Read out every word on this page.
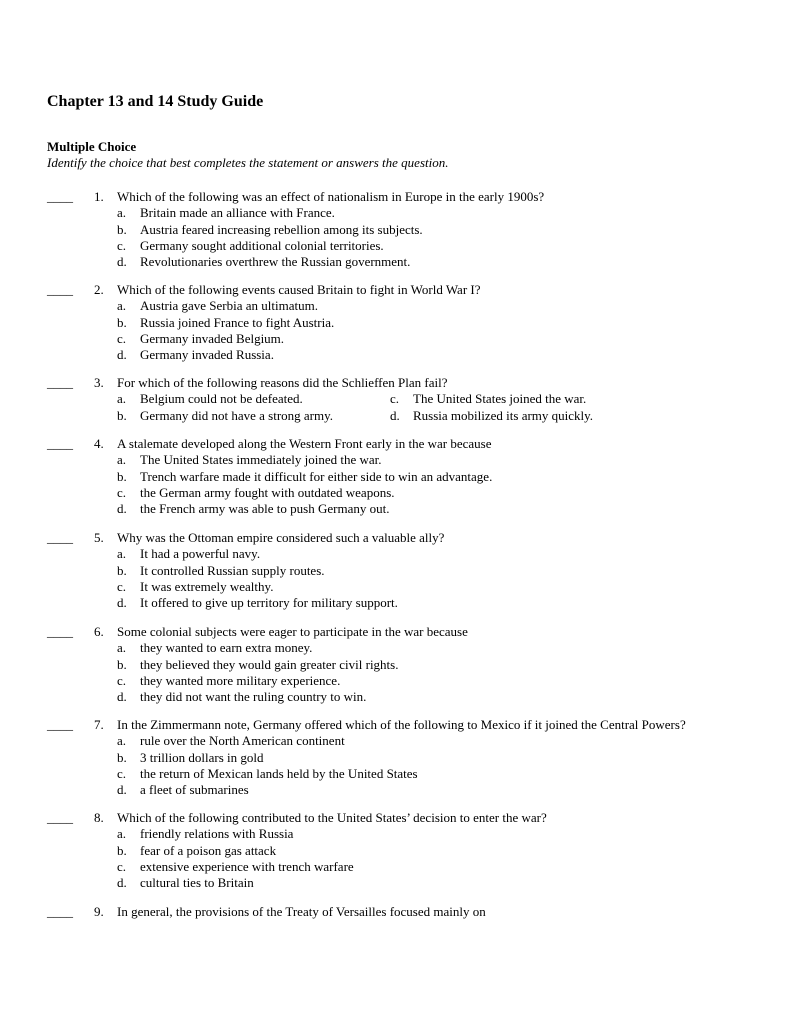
Chapter 13 and 14 Study Guide
Multiple Choice
Identify the choice that best completes the statement or answers the question.
____ 1. Which of the following was an effect of nationalism in Europe in the early 1900s?
a. Britain made an alliance with France.
b. Austria feared increasing rebellion among its subjects.
c. Germany sought additional colonial territories.
d. Revolutionaries overthrew the Russian government.
____ 2. Which of the following events caused Britain to fight in World War I?
a. Austria gave Serbia an ultimatum.
b. Russia joined France to fight Austria.
c. Germany invaded Belgium.
d. Germany invaded Russia.
____ 3. For which of the following reasons did the Schlieffen Plan fail?
a. Belgium could not be defeated.	c. The United States joined the war.
b. Germany did not have a strong army.	d. Russia mobilized its army quickly.
____ 4. A stalemate developed along the Western Front early in the war because
a. The United States immediately joined the war.
b. Trench warfare made it difficult for either side to win an advantage.
c. the German army fought with outdated weapons.
d. the French army was able to push Germany out.
____ 5. Why was the Ottoman empire considered such a valuable ally?
a. It had a powerful navy.
b. It controlled Russian supply routes.
c. It was extremely wealthy.
d. It offered to give up territory for military support.
____ 6. Some colonial subjects were eager to participate in the war because
a. they wanted to earn extra money.
b. they believed they would gain greater civil rights.
c. they wanted more military experience.
d. they did not want the ruling country to win.
____ 7. In the Zimmermann note, Germany offered which of the following to Mexico if it joined the Central Powers?
a. rule over the North American continent
b. 3 trillion dollars in gold
c. the return of Mexican lands held by the United States
d. a fleet of submarines
____ 8. Which of the following contributed to the United States’ decision to enter the war?
a. friendly relations with Russia
b. fear of a poison gas attack
c. extensive experience with trench warfare
d. cultural ties to Britain
____ 9. In general, the provisions of the Treaty of Versailles focused mainly on
